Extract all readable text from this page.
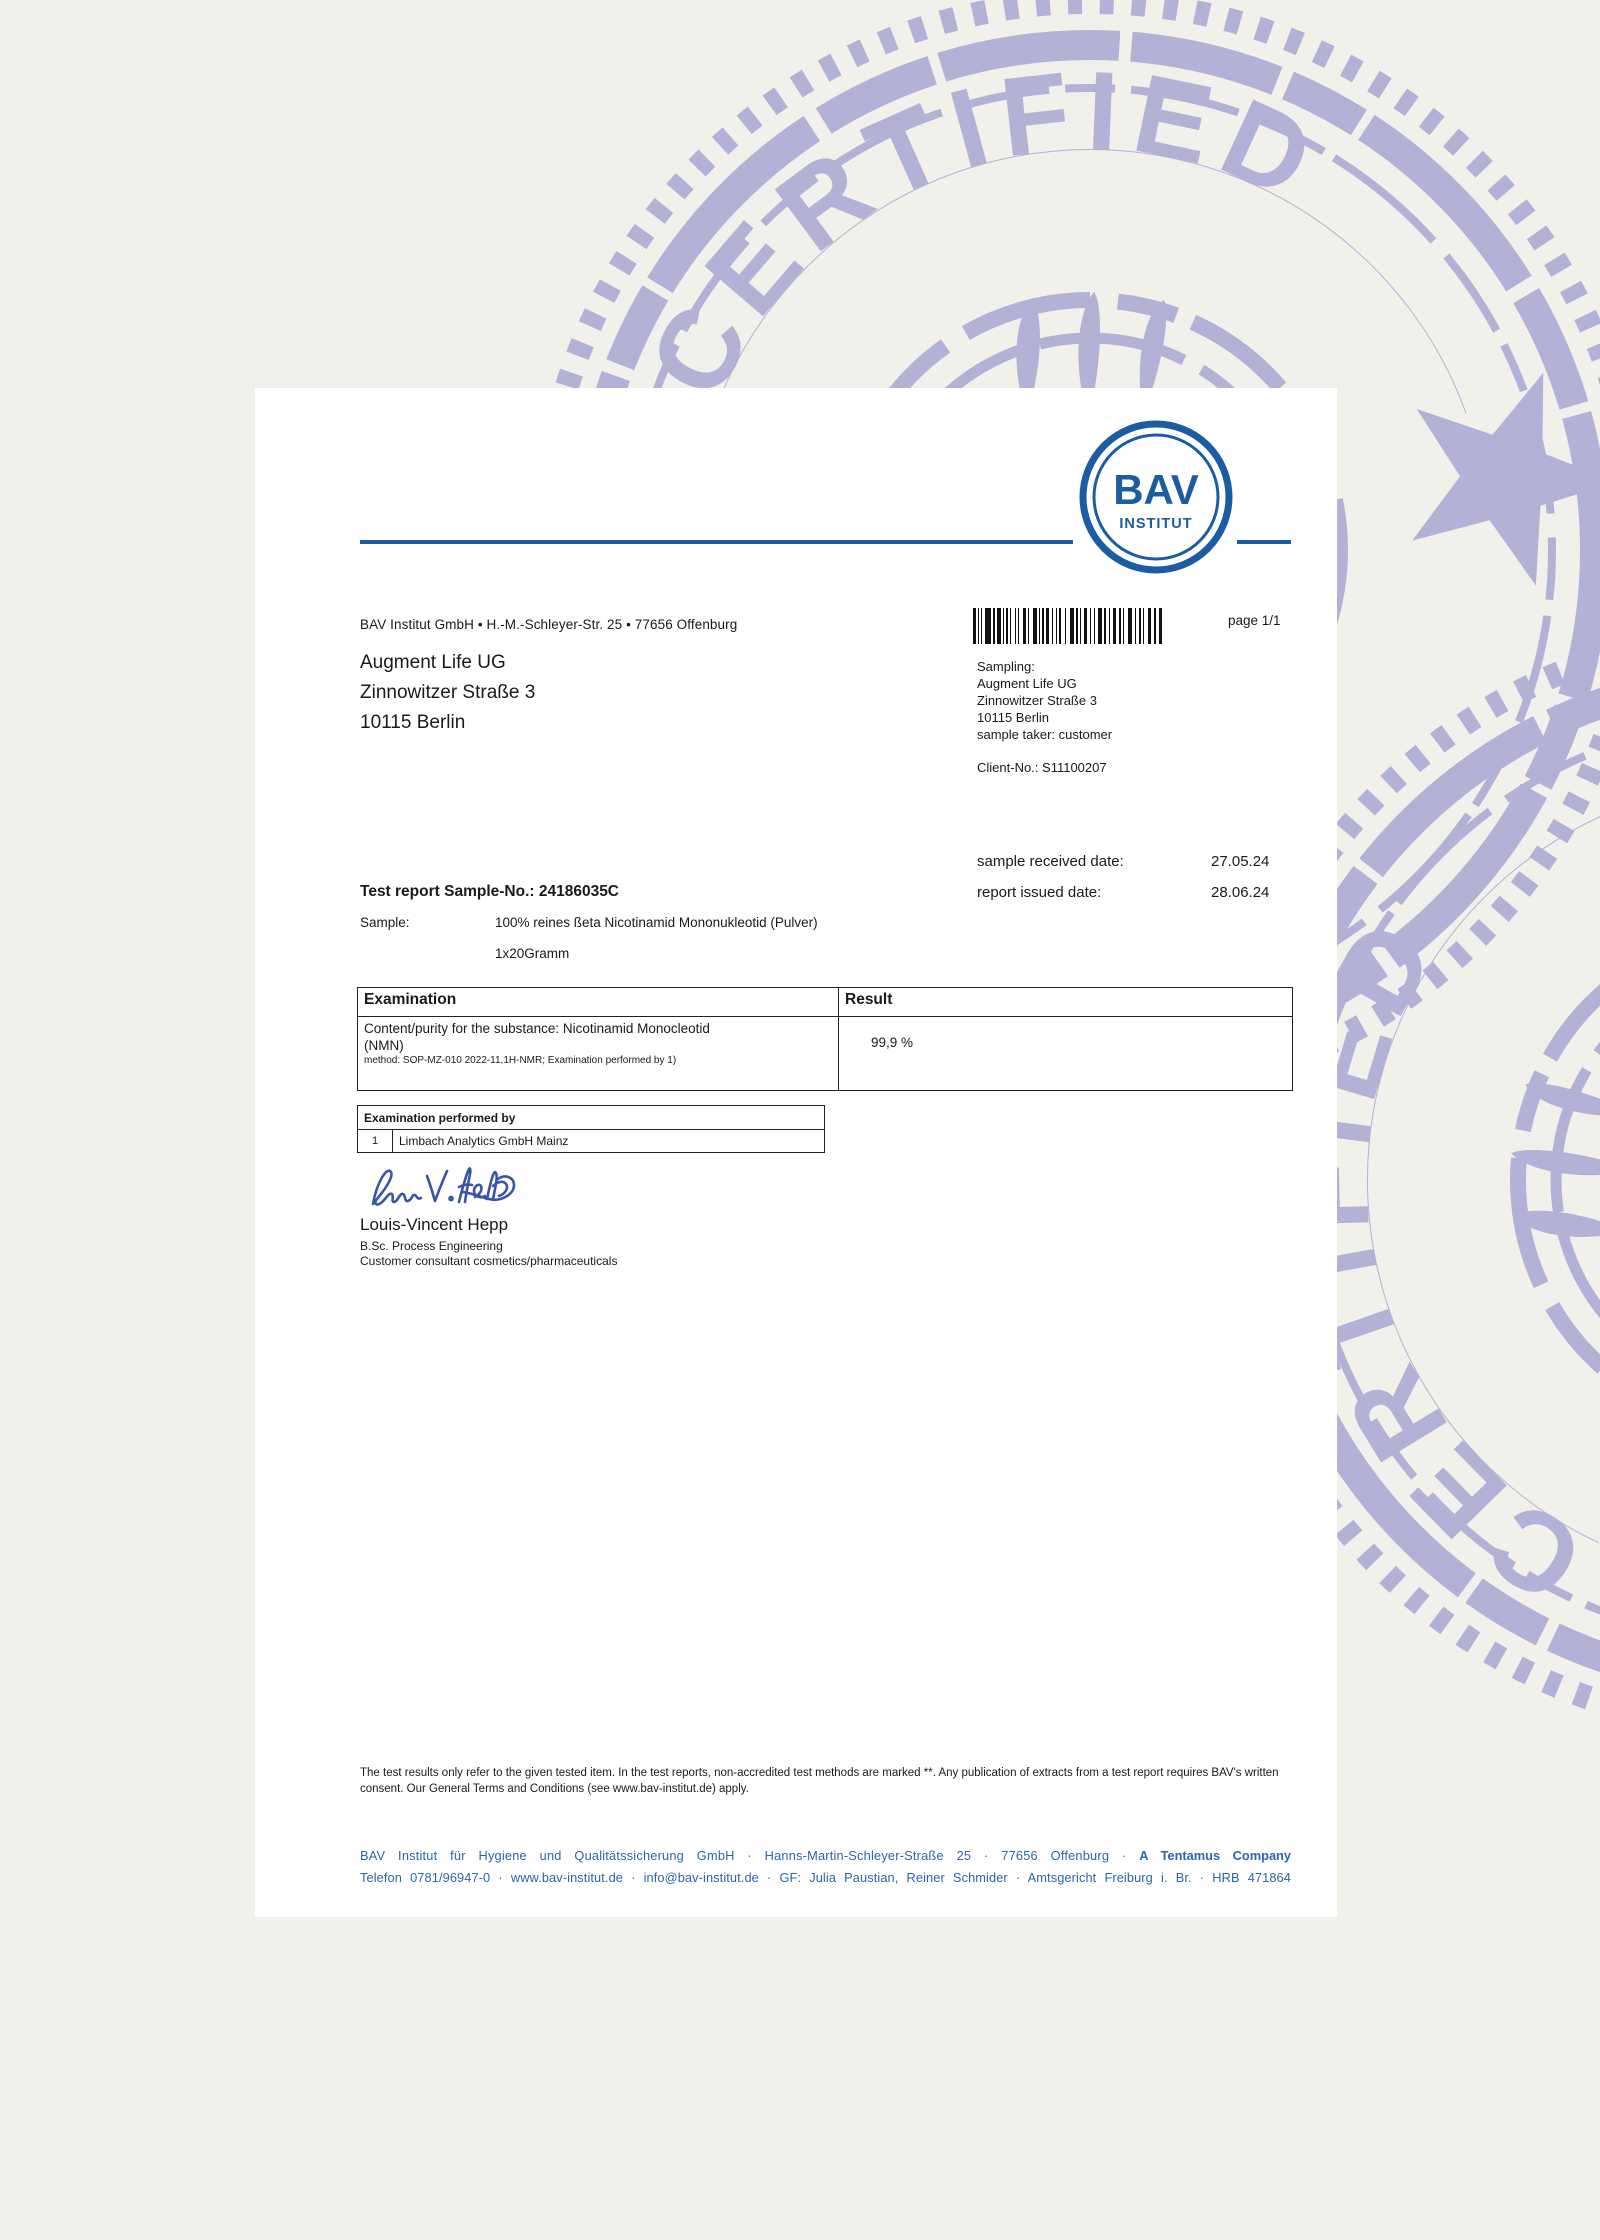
BAV
INSTITUT
BAV Institut GmbH • H.-M.-Schleyer-Str. 25 • 77656 Offenburg
Augment Life UG
Zinnowitzer Straße 3
10115 Berlin
page 1/1
Sampling:
Augment Life UG
Zinnowitzer Straße 3
10115 Berlin
sample taker: customer
Client-No.: S11100207
sample received date:	27.05.24
report issued date:	28.06.24
Test report Sample-No.: 24186035C
Sample:	100% reines ßeta Nicotinamid Mononukleotid (Pulver)
1x20Gramm
Examination	Result

Content/purity for the substance: Nicotinamid Monocleotid
(NMN)
method: SOP-MZ-010 2022-11,1H-NMR; Examination performed by 1)	99,9 %
Examination performed by
1	Limbach Analytics GmbH Mainz
Louis-Vincent Hepp
B.Sc. Process Engineering
Customer consultant cosmetics/pharmaceuticals
The test results only refer to the given tested item. In the test reports, non-accredited test methods are marked **. Any publication of extracts from a test report requires BAV's written consent. Our General Terms and Conditions (see www.bav-institut.de) apply.
BAV Institut für Hygiene und Qualitätssicherung GmbH · Hanns-Martin-Schleyer-Straße 25 · 77656 Offenburg · A Tentamus Company
Telefon 0781/96947-0 · www.bav-institut.de · info@bav-institut.de · GF: Julia Paustian, Reiner Schmider · Amtsgericht Freiburg i. Br. · HRB 471864
